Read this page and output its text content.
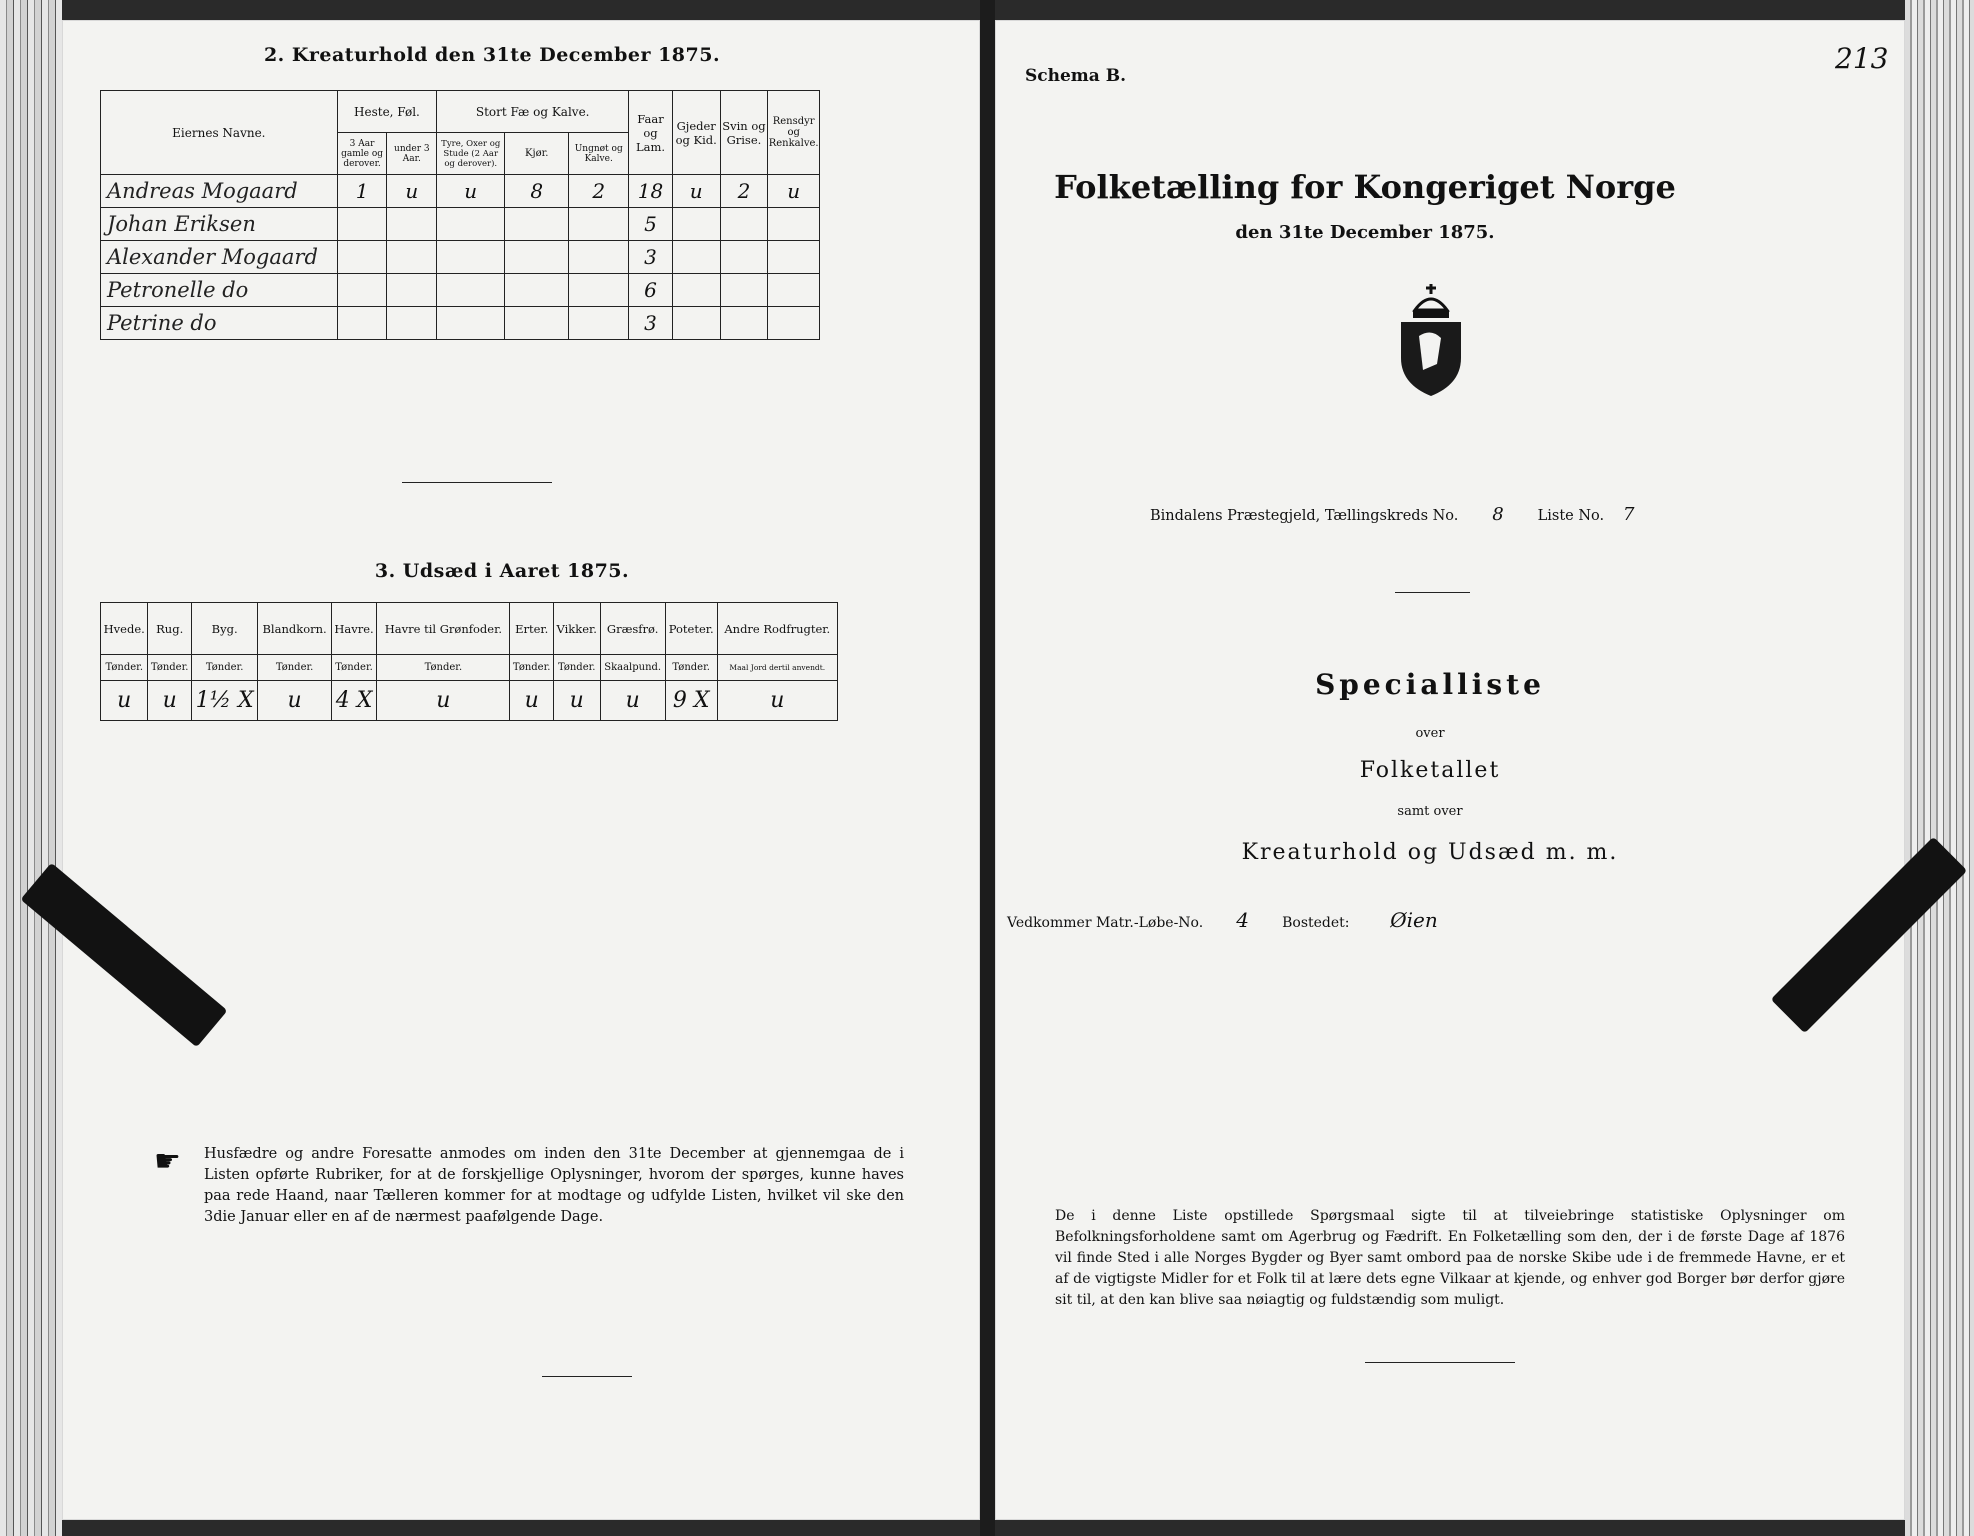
2. Kreaturhold den 31te December 1875.
Eiernes Navne.	Heste, Føl.		Stort Fæ og Kalve.			Faar og Lam.	Gjeder og Kid.	Svin og Grise.	Rensdyr og Renkalve.
	3 Aar gamle og derover.	under 3 Aar.	Tyre, Oxer og Stude (2 Aar og derover).	Kjør.	Ungnøt og Kalve.				
Andreas Mogaard	1	u	u	8	2	18	u	2	u
Johan Eriksen						5			
Alexander Mogaard						3			
Petronelle do						6			
Petrine do						3			
3. Udsæd i Aaret 1875.
Hvede.	Rug.	Byg.	Blandkorn.	Havre.	Havre til Grønfoder.	Erter.	Vikker.	Græsfrø.	Poteter.	Andre Rodfrugter.
Tønder.	Tønder.	Tønder.	Tønder.	Tønder.	Tønder.	Tønder.	Tønder.	Skaalpund.	Tønder.	Maal Jord dertil anvendt.
u	u	1½ X	u	4 X	u	u	u	u	9 X	u
☛ Husfædre og andre Foresatte anmodes om inden den 31te December at gjennemgaa de i Listen opførte Rubriker, for at de forskjellige Oplysninger, hvorom der spørges, kunne haves paa rede Haand, naar Tælleren kommer for at modtage og udfylde Listen, hvilket vil ske den 3die Januar eller en af de nærmest paafølgende Dage.
Schema B.
213
Folketælling for Kongeriget Norge
den 31te December 1875.
Bindalens Præstegjeld, Tællingskreds No. 8 Liste No. 7
Specialliste
over
Folketallet
samt over
Kreaturhold og Udsæd m. m.
Vedkommer Matr.-Løbe-No. 4 Bostedet: Øien
De i denne Liste opstillede Spørgsmaal sigte til at tilveiebringe statistiske Oplysninger om Befolkningsforholdene samt om Agerbrug og Fædrift. En Folketælling som den, der i de første Dage af 1876 vil finde Sted i alle Norges Bygder og Byer samt ombord paa de norske Skibe ude i de fremmede Havne, er et af de vigtigste Midler for et Folk til at lære dets egne Vilkaar at kjende, og enhver god Borger bør derfor gjøre sit til, at den kan blive saa nøiagtig og fuldstændig som muligt.
